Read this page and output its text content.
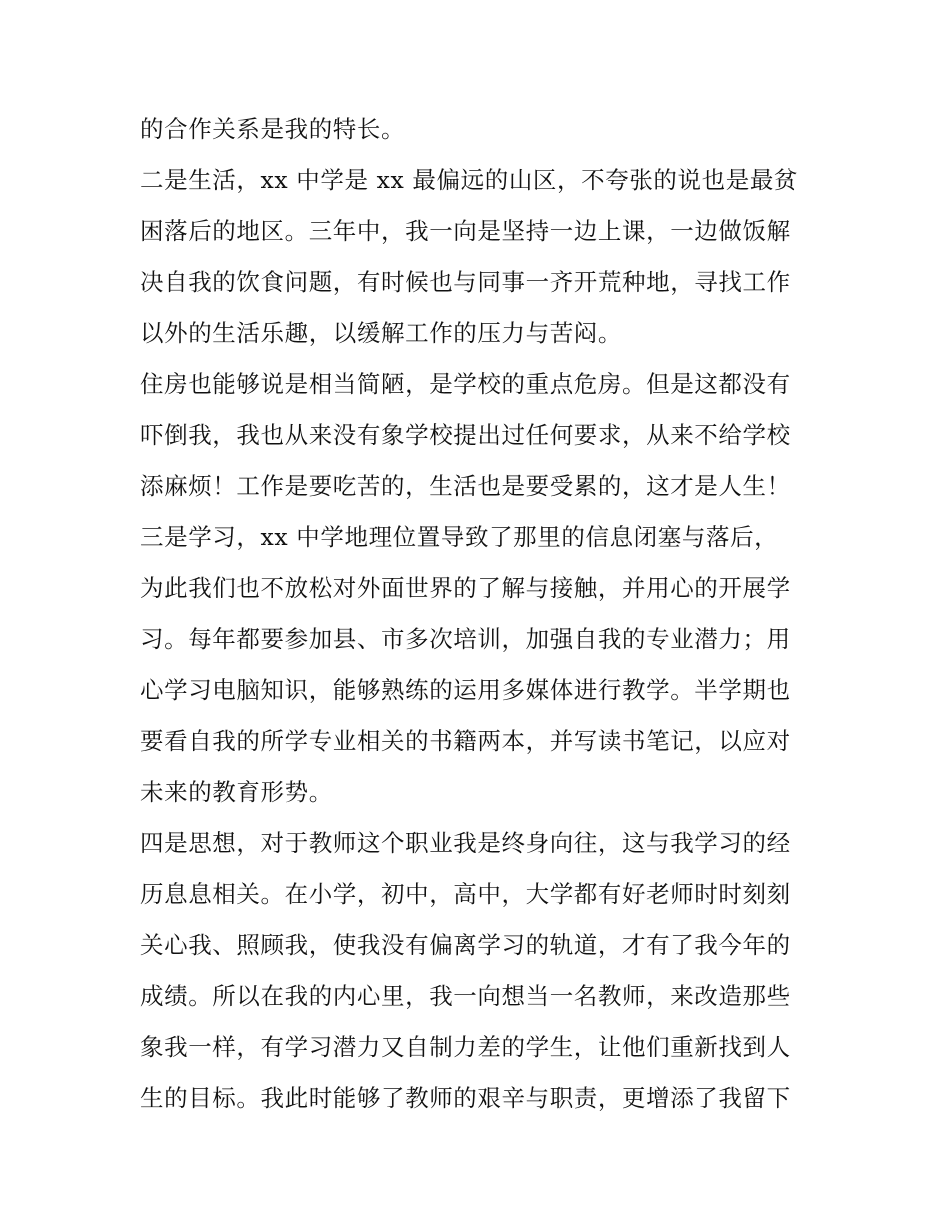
的合作关系是我的特长。
二是生活，xx 中学是 xx 最偏远的山区，不夸张的说也是最贫
困落后的地区。三年中，我一向是坚持一边上课，一边做饭解
决自我的饮食问题，有时候也与同事一齐开荒种地，寻找工作
以外的生活乐趣，以缓解工作的压力与苦闷。
住房也能够说是相当简陋，是学校的重点危房。但是这都没有
吓倒我，我也从来没有象学校提出过任何要求，从来不给学校
添麻烦！工作是要吃苦的，生活也是要受累的，这才是人生！
三是学习，xx 中学地理位置导致了那里的信息闭塞与落后，
为此我们也不放松对外面世界的了解与接触，并用心的开展学
习。每年都要参加县、市多次培训，加强自我的专业潜力；用
心学习电脑知识，能够熟练的运用多媒体进行教学。半学期也
要看自我的所学专业相关的书籍两本，并写读书笔记，以应对
未来的教育形势。
四是思想，对于教师这个职业我是终身向往，这与我学习的经
历息息相关。在小学，初中，高中，大学都有好老师时时刻刻
关心我、照顾我，使我没有偏离学习的轨道，才有了我今年的
成绩。所以在我的内心里，我一向想当一名教师，来改造那些
象我一样，有学习潜力又自制力差的学生，让他们重新找到人
生的目标。我此时能够了教师的艰辛与职责，更增添了我留下
